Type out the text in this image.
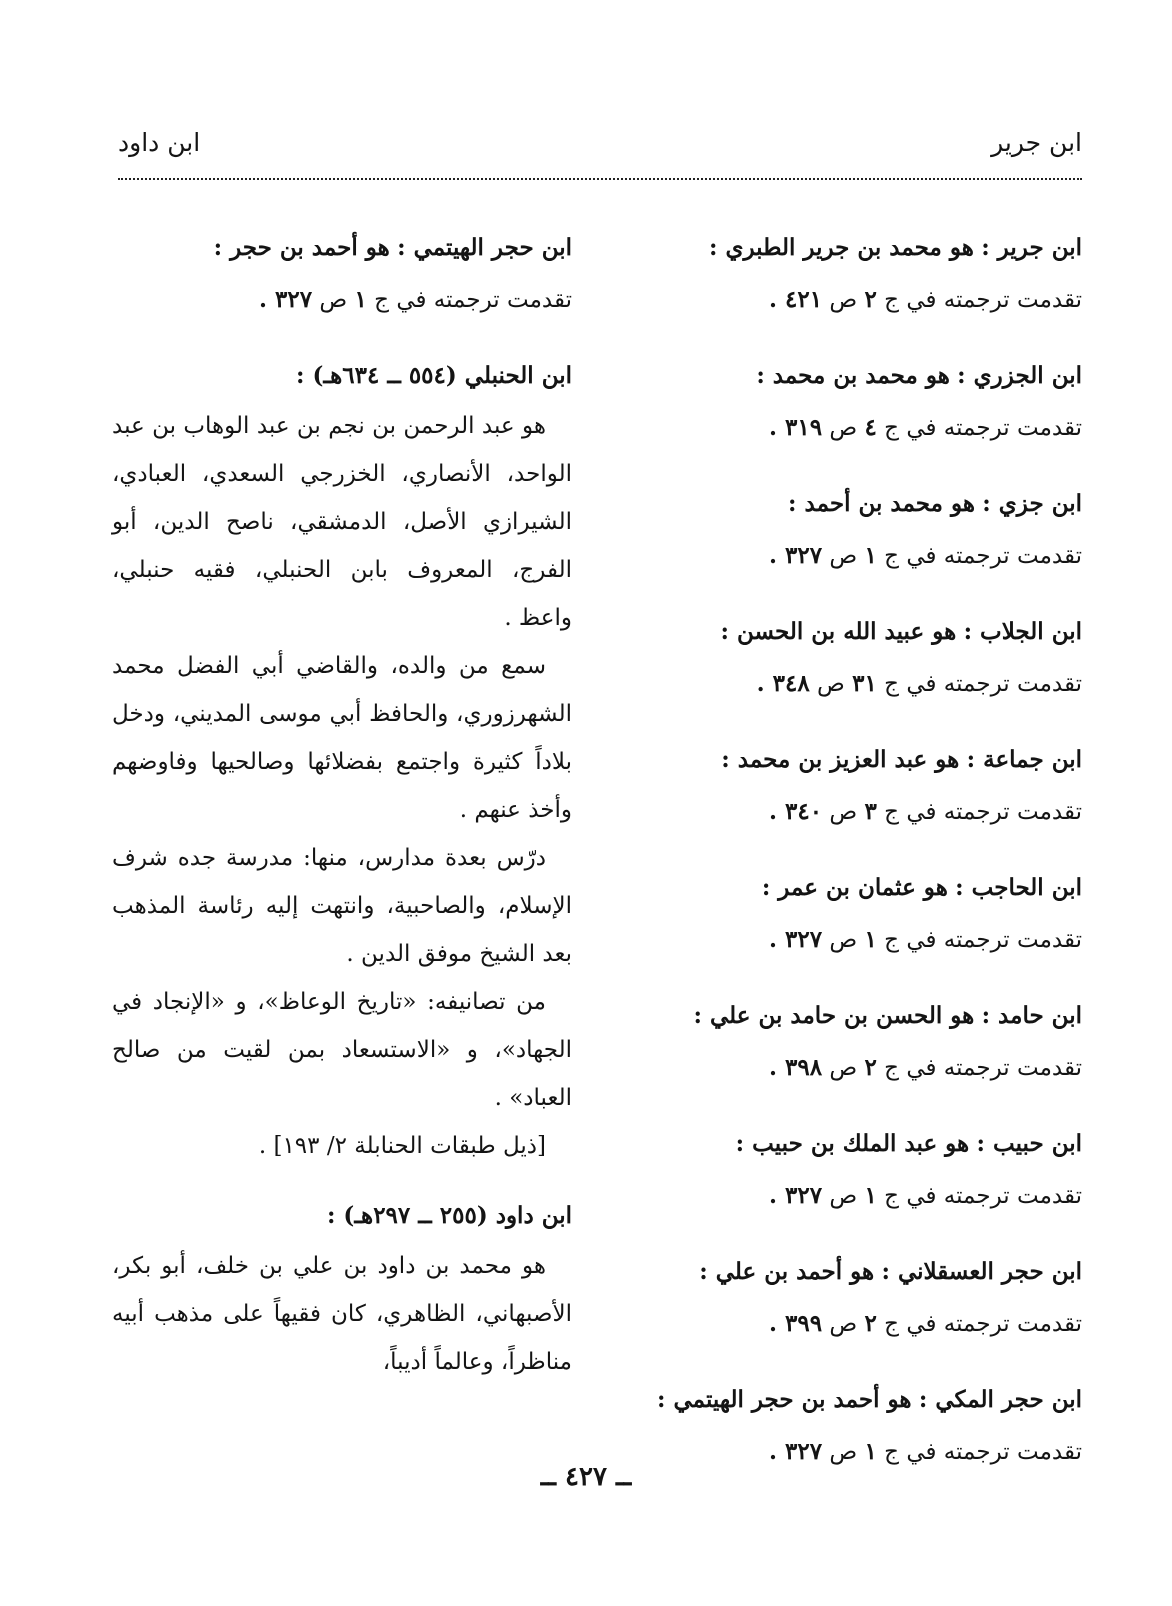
ابن جرير
ابن داود
ابن جرير : هو محمد بن جرير الطبري :
تقدمت ترجمته في ج ٢ ص ٤٢١ .
ابن الجزري : هو محمد بن محمد :
تقدمت ترجمته في ج ٤ ص ٣١٩ .
ابن جزي : هو محمد بن أحمد :
تقدمت ترجمته في ج ١ ص ٣٢٧ .
ابن الجلاب : هو عبيد الله بن الحسن :
تقدمت ترجمته في ج ٣١ ص ٣٤٨ .
ابن جماعة : هو عبد العزيز بن محمد :
تقدمت ترجمته في ج ٣ ص ٣٤٠ .
ابن الحاجب : هو عثمان بن عمر :
تقدمت ترجمته في ج ١ ص ٣٢٧ .
ابن حامد : هو الحسن بن حامد بن علي :
تقدمت ترجمته في ج ٢ ص ٣٩٨ .
ابن حبيب : هو عبد الملك بن حبيب :
تقدمت ترجمته في ج ١ ص ٣٢٧ .
ابن حجر العسقلاني : هو أحمد بن علي :
تقدمت ترجمته في ج ٢ ص ٣٩٩ .
ابن حجر المكي : هو أحمد بن حجر الهيتمي :
تقدمت ترجمته في ج ١ ص ٣٢٧ .
ابن حجر الهيتمي : هو أحمد بن حجر :
تقدمت ترجمته في ج ١ ص ٣٢٧ .
ابن الحنبلي (٥٥٤ ــ ٦٣٤هـ) :
هو عبد الرحمن بن نجم بن عبد الوهاب بن عبد الواحد، الأنصاري، الخزرجي السعدي، العبادي، الشيرازي الأصل، الدمشقي، ناصح الدين، أبو الفرج، المعروف بابن الحنبلي، فقيه حنبلي، واعظ .
سمع من والده، والقاضي أبي الفضل محمد الشهرزوري، والحافظ أبي موسى المديني، ودخل بلاداً كثيرة واجتمع بفضلائها وصالحيها وفاوضهم وأخذ عنهم .
درّس بعدة مدارس، منها: مدرسة جده شرف الإسلام، والصاحبية، وانتهت إليه رئاسة المذهب بعد الشيخ موفق الدين .
من تصانيفه: «تاريخ الوعاظ»، و «الإنجاد في الجهاد»، و «الاستسعاد بمن لقيت من صالح العباد» .
[ذيل طبقات الحنابلة ٢/ ١٩٣] .
ابن داود (٢٥٥ ــ ٢٩٧هـ) :
هو محمد بن داود بن علي بن خلف، أبو بكر، الأصبهاني، الظاهري، كان فقيهاً على مذهب أبيه مناظراً، وعالماً أديباً،
ــ ٤٢٧ ــ
